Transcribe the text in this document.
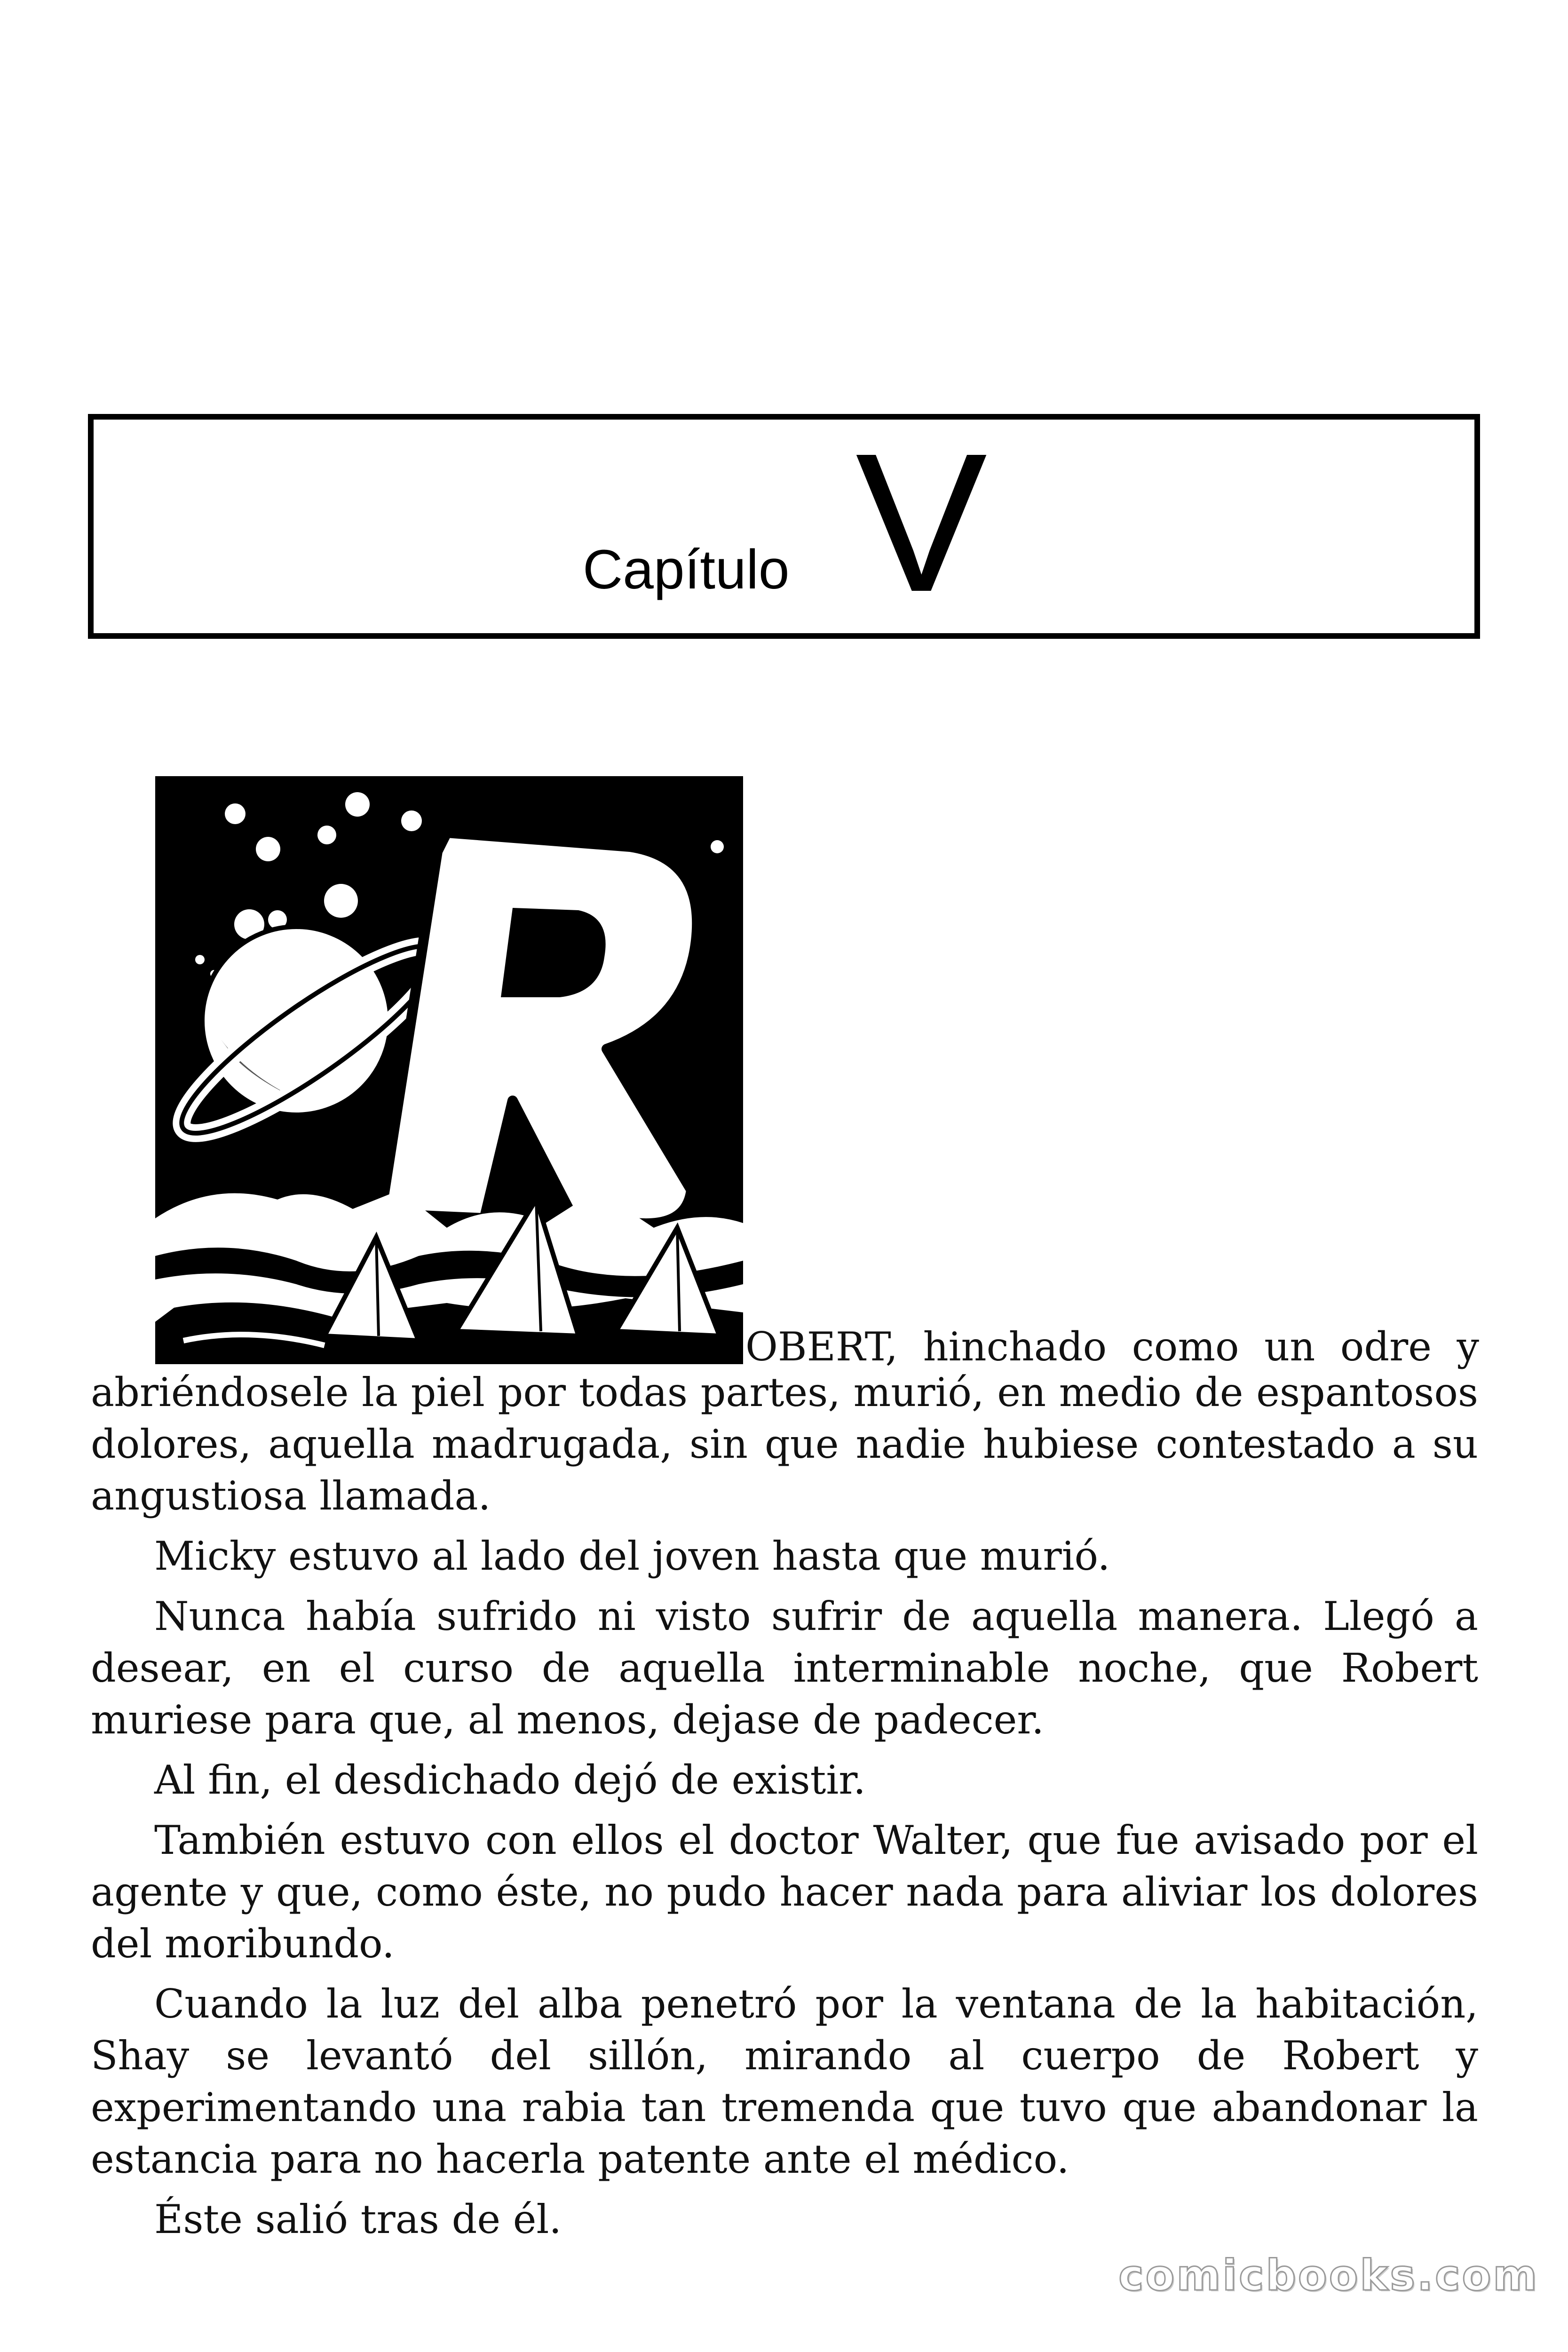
Capítulo V
OBERT, hinchado como un odre y

abriéndosele la piel por todas partes, murió, en medio de espantosos dolores, aquella madrugada, sin que nadie hubiese contestado a su angustiosa llamada.

Micky estuvo al lado del joven hasta que murió.

Nunca había sufrido ni visto sufrir de aquella manera. Llegó a desear, en el curso de aquella interminable noche, que Robert muriese para que, al menos, dejase de padecer.

Al fin, el desdichado dejó de existir.

También estuvo con ellos el doctor Walter, que fue avisado por el agente y que, como éste, no pudo hacer nada para aliviar los dolores del moribundo.

Cuando la luz del alba penetró por la ventana de la habitación, Shay se levantó del sillón, mirando al cuerpo de Robert y experimentando una rabia tan tremenda que tuvo que abandonar la estancia para no hacerla patente ante el médico.

Éste salió tras de él.

comicbooks.com
